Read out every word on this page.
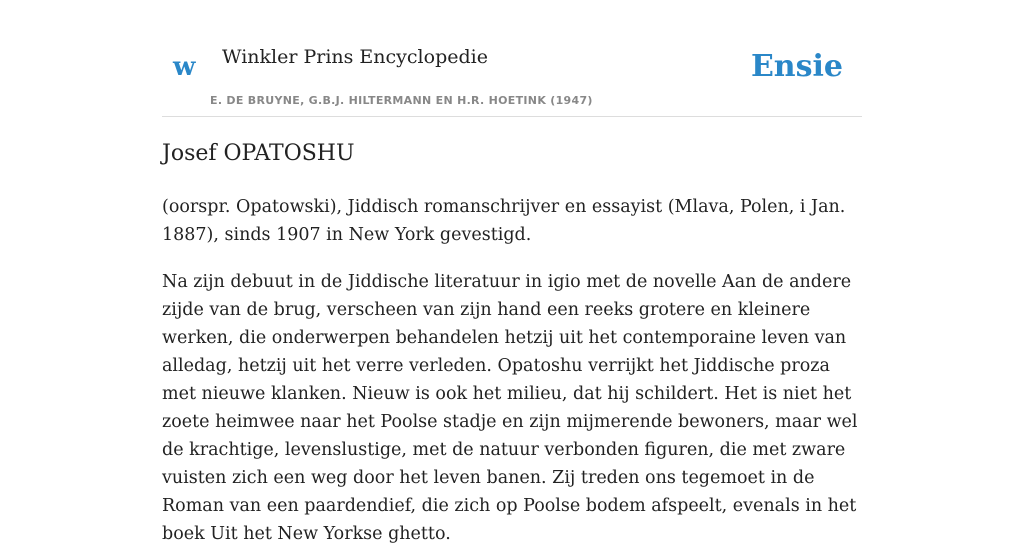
w Winkler Prins Encyclopedie
E. DE BRUYNE, G.B.J. HILTERMANN EN H.R. HOETINK (1947)
Ensie
Josef OPATOSHU

(oorspr. Opatowski), Jiddisch romanschrijver en essayist (Mlava, Polen, i Jan. 1887), sinds 1907 in New York gevestigd.

Na zijn debuut in de Jiddische literatuur in igio met de novelle Aan de andere zijde van de brug, verscheen van zijn hand een reeks grotere en kleinere werken, die onderwerpen behandelen hetzij uit het contemporaine leven van alledag, hetzij uit het verre verleden. Opatoshu verrijkt het Jiddische proza met nieuwe klanken. Nieuw is ook het milieu, dat hij schildert. Het is niet het zoete heimwee naar het Poolse stadje en zijn mijmerende bewoners, maar wel de krachtige, levenslustige, met de natuur verbonden figuren, die met zware vuisten zich een weg door het leven banen. Zij treden ons tegemoet in de Roman van een paardendief, die zich op Poolse bodem afspeelt, evenals in het boek Uit het New Yorkse ghetto.
